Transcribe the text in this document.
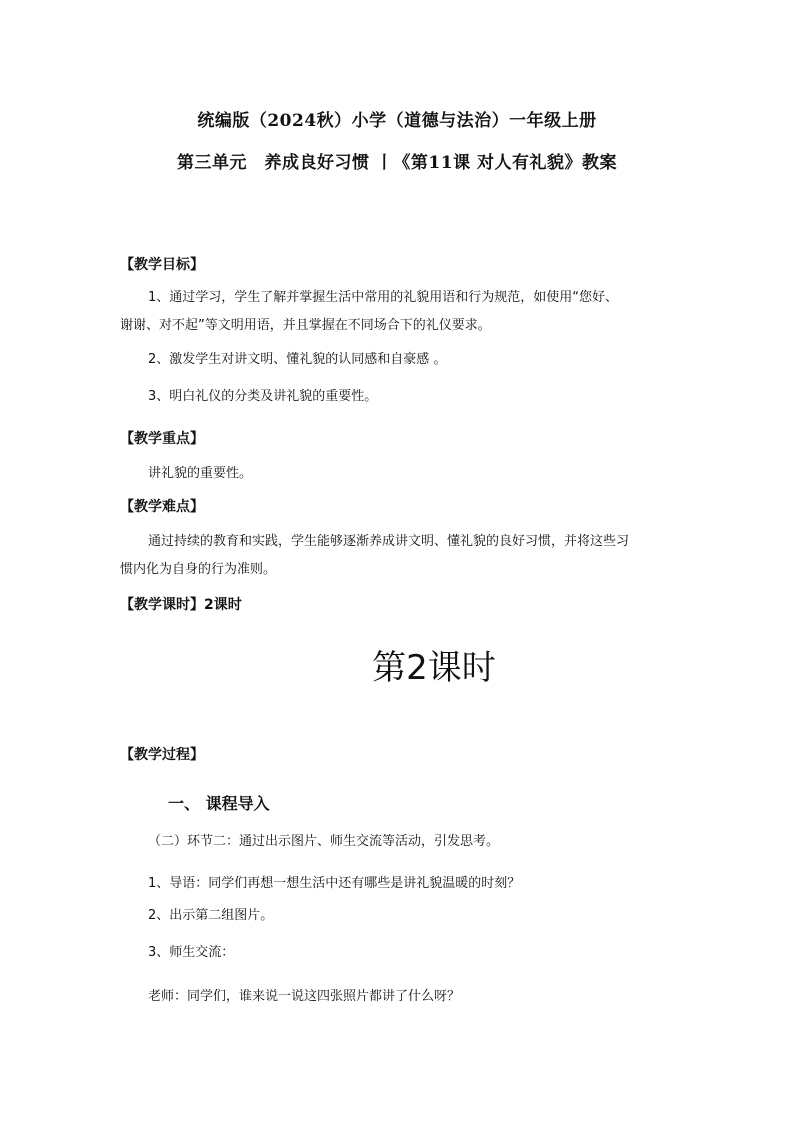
统编版（2024秋）小学（道德与法治）一年级上册
第三单元　养成良好习惯 丨《第11课 对人有礼貌》教案
【教学目标】
1、通过学习，学生了解并掌握生活中常用的礼貌用语和行为规范，如使用“您好、
谢谢、对不起”等文明用语，并且掌握在不同场合下的礼仪要求。
2、激发学生对讲文明、懂礼貌的认同感和自豪感 。
3、明白礼仪的分类及讲礼貌的重要性。
【教学重点】
讲礼貌的重要性。
【教学难点】
通过持续的教育和实践，学生能够逐渐养成讲文明、懂礼貌的良好习惯，并将这些习
惯内化为自身的行为准则。
【教学课时】2课时
第2课时
【教学过程】
一、 课程导入
（二）环节二：通过出示图片、师生交流等活动，引发思考。
1、导语：同学们再想一想生活中还有哪些是讲礼貌温暖的时刻？
2、出示第二组图片。
3、师生交流：
老师：同学们，谁来说一说这四张照片都讲了什么呀？
